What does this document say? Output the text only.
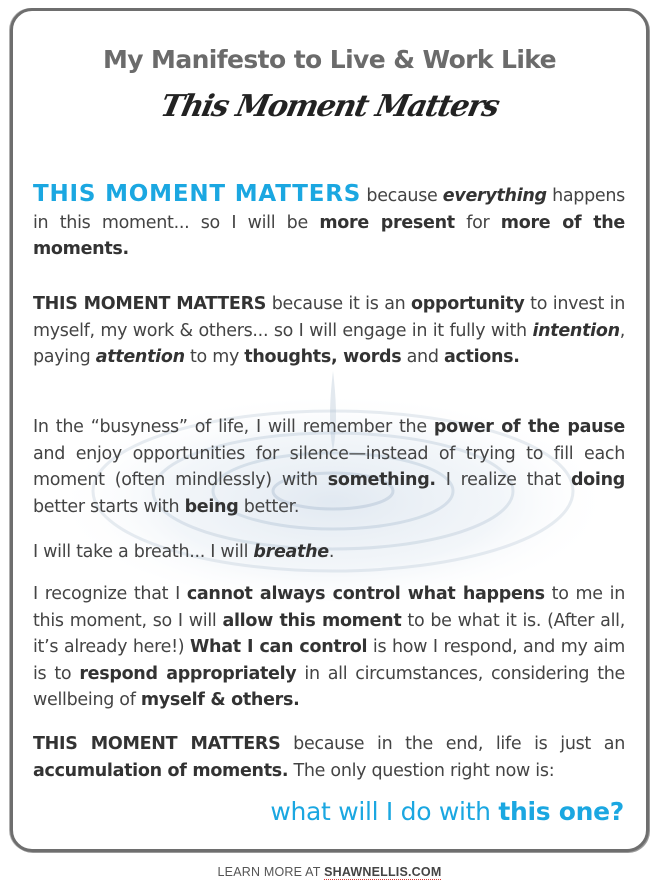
My Manifesto to Live & Work Like
This Moment Matters
THIS MOMENT MATTERS because everything happens in this moment... so I will be more present for more of the moments.
THIS MOMENT MATTERS because it is an opportunity to invest in myself, my work & others... so I will engage in it fully with intention, paying attention to my thoughts, words and actions.
In the “busyness” of life, I will remember the power of the pause and enjoy opportunities for silence—instead of trying to fill each moment (often mindlessly) with something. I realize that doing better starts with being better.
I will take a breath... I will breathe.
I recognize that I cannot always control what happens to me in this moment, so I will allow this moment to be what it is. (After all, it’s already here!) What I can control is how I respond, and my aim is to respond appropriately in all circumstances, considering the wellbeing of myself & others.
THIS MOMENT MATTERS because in the end, life is just an accumulation of moments. The only question right now is:
what will I do with this one?
LEARN MORE AT SHAWNELLIS.COM
